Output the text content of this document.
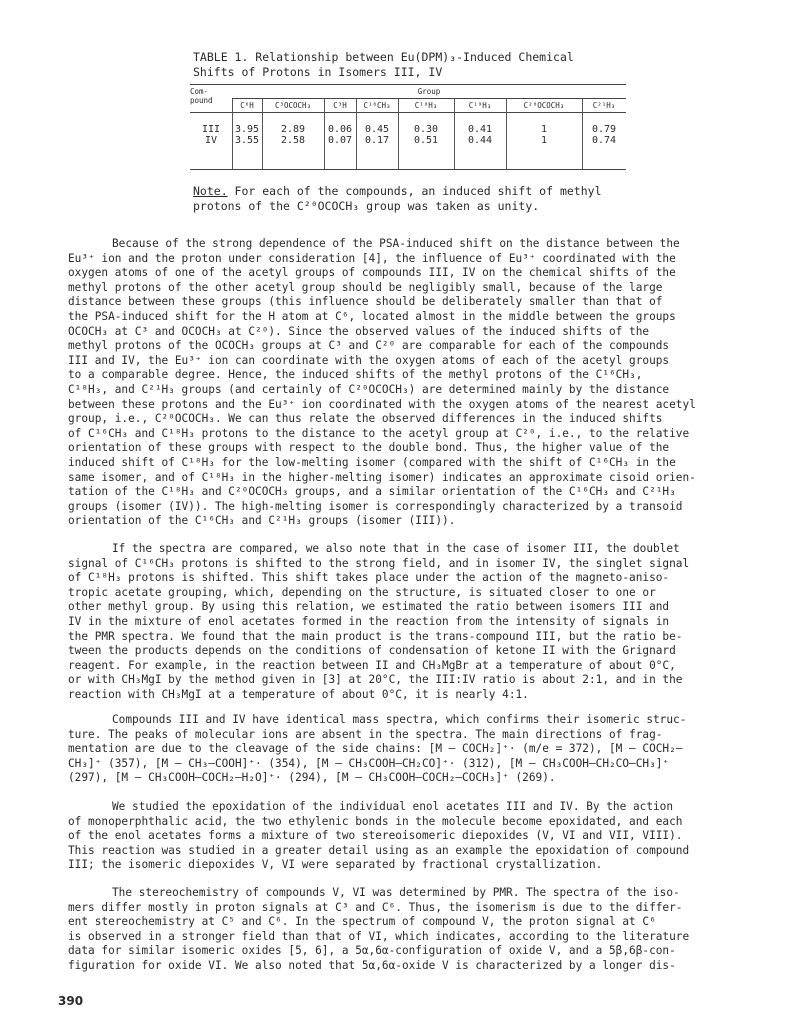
TABLE 1. Relationship between Eu(DPM)₃-Induced Chemical
Shifts of Protons in Isomers III, IV
Com-
pound
Group
C⁶H	C³OCOCH₃	C³H	C¹⁶CH₃	C¹⁸H₃	C¹⁹H₃	C²⁰OCOCH₃	C²¹H₃
III	3.95	2.89	0.06	0.45	0.30	0.41	1	0.79
IV	3.55	2.58	0.07	0.17	0.51	0.44	1	0.74
Note. For each of the compounds, an induced shift of methyl
protons of the C²⁰OCOCH₃ group was taken as unity.
Because of the strong dependence of the PSA-induced shift on the distance between the
Eu³⁺ ion and the proton under consideration [4], the influence of Eu³⁺ coordinated with the
oxygen atoms of one of the acetyl groups of compounds III, IV on the chemical shifts of the
methyl protons of the other acetyl group should be negligibly small, because of the large
distance between these groups (this influence should be deliberately smaller than that of
the PSA-induced shift for the H atom at C⁶, located almost in the middle between the groups
OCOCH₃ at C³ and OCOCH₃ at C²⁰). Since the observed values of the induced shifts of the
methyl protons of the OCOCH₃ groups at C³ and C²⁰ are comparable for each of the compounds
III and IV, the Eu³⁺ ion can coordinate with the oxygen atoms of each of the acetyl groups
to a comparable degree. Hence, the induced shifts of the methyl protons of the C¹⁶CH₃,
C¹⁸H₃, and C²¹H₃ groups (and certainly of C²⁰OCOCH₃) are determined mainly by the distance
between these protons and the Eu³⁺ ion coordinated with the oxygen atoms of the nearest acetyl
group, i.e., C²⁰OCOCH₃. We can thus relate the observed differences in the induced shifts
of C¹⁶CH₃ and C¹⁸H₃ protons to the distance to the acetyl group at C²⁰, i.e., to the relative
orientation of these groups with respect to the double bond. Thus, the higher value of the
induced shift of C¹⁸H₃ for the low-melting isomer (compared with the shift of C¹⁶CH₃ in the
same isomer, and of C¹⁸H₃ in the higher-melting isomer) indicates an approximate cisoid orien-
tation of the C¹⁸H₃ and C²⁰OCOCH₃ groups, and a similar orientation of the C¹⁶CH₃ and C²¹H₃
groups (isomer (IV)). The high-melting isomer is correspondingly characterized by a transoid
orientation of the C¹⁶CH₃ and C²¹H₃ groups (isomer (III)).
If the spectra are compared, we also note that in the case of isomer III, the doublet
signal of C¹⁶CH₃ protons is shifted to the strong field, and in isomer IV, the singlet signal
of C¹⁸H₃ protons is shifted. This shift takes place under the action of the magneto-aniso-
tropic acetate grouping, which, depending on the structure, is situated closer to one or
other methyl group. By using this relation, we estimated the ratio between isomers III and
IV in the mixture of enol acetates formed in the reaction from the intensity of signals in
the PMR spectra. We found that the main product is the trans-compound III, but the ratio be-
tween the products depends on the conditions of condensation of ketone II with the Grignard
reagent. For example, in the reaction between II and CH₃MgBr at a temperature of about 0°C,
or with CH₃MgI by the method given in [3] at 20°C, the III:IV ratio is about 2:1, and in the
reaction with CH₃MgI at a temperature of about 0°C, it is nearly 4:1.
Compounds III and IV have identical mass spectra, which confirms their isomeric struc-
ture. The peaks of molecular ions are absent in the spectra. The main directions of frag-
mentation are due to the cleavage of the side chains: [M — COCH₂]⁺· (m/e = 372), [M — COCH₂—
CH₃]⁺ (357), [M — CH₃—COOH]⁺· (354), [M — CH₃COOH—CH₂CO]⁺· (312), [M — CH₃COOH—CH₂CO—CH₃]⁺
(297), [M — CH₃COOH—COCH₂—H₂O]⁺· (294), [M — CH₃COOH—COCH₂—COCH₃]⁺ (269).
We studied the epoxidation of the individual enol acetates III and IV. By the action
of monoperphthalic acid, the two ethylenic bonds in the molecule become epoxidated, and each
of the enol acetates forms a mixture of two stereoisomeric diepoxides (V, VI and VII, VIII).
This reaction was studied in a greater detail using as an example the epoxidation of compound
III; the isomeric diepoxides V, VI were separated by fractional crystallization.
The stereochemistry of compounds V, VI was determined by PMR. The spectra of the iso-
mers differ mostly in proton signals at C³ and C⁶. Thus, the isomerism is due to the differ-
ent stereochemistry at C⁵ and C⁶. In the spectrum of compound V, the proton signal at C⁶
is observed in a stronger field than that of VI, which indicates, according to the literature
data for similar isomeric oxides [5, 6], a 5α,6α-configuration of oxide V, and a 5β,6β-con-
figuration for oxide VI. We also noted that 5α,6α-oxide V is characterized by a longer dis-
390
